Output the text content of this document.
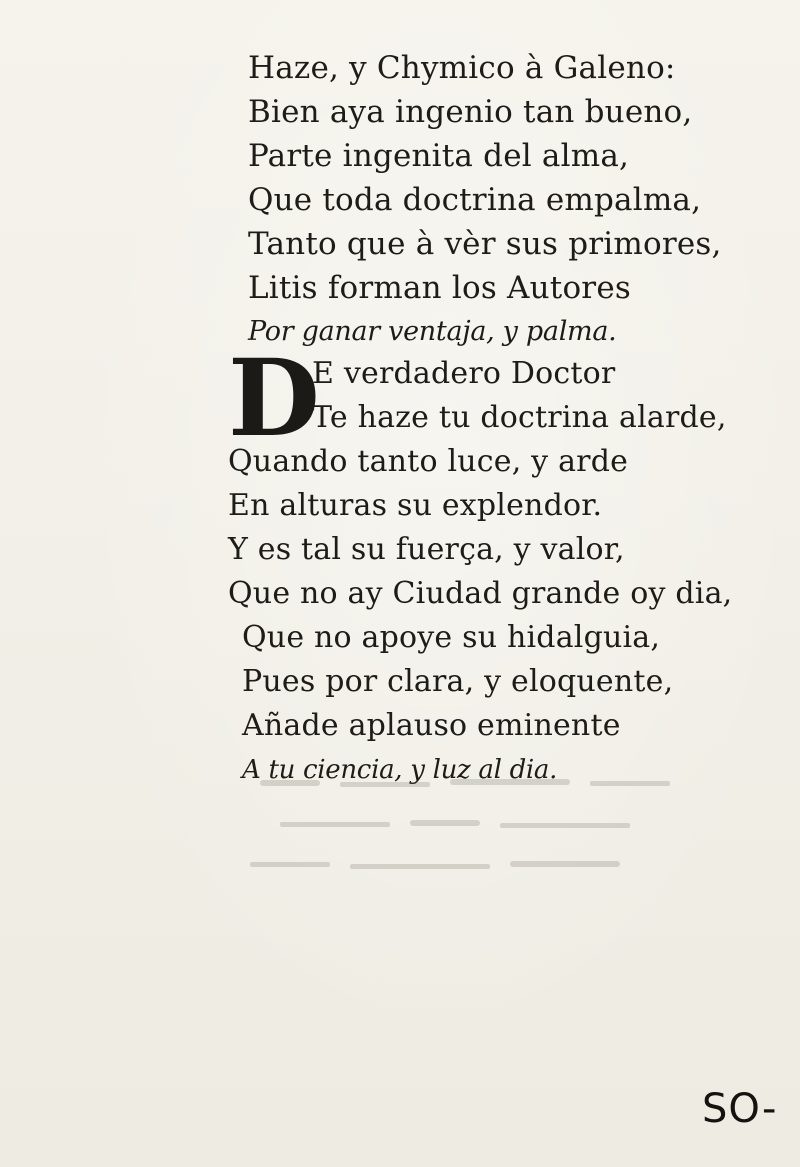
Haze, y Chymico à Galeno:
Bien aya ingenio tan bueno,
Parte ingenita del alma,
Que toda doctrina empalma,
Tanto que à vèr sus primores,
Litis forman los Autores
Por ganar ventaja, y palma.
D
E verdadero Doctor
Te haze tu doctrina alarde,
Quando tanto luce, y arde
En alturas su explendor.
Y es tal su fuerça, y valor,
Que no ay Ciudad grande oy dia,
Que no apoye su hidalguia,
Pues por clara, y eloquente,
Añade aplauso eminente
A tu ciencia, y luz al dia.
SO-
